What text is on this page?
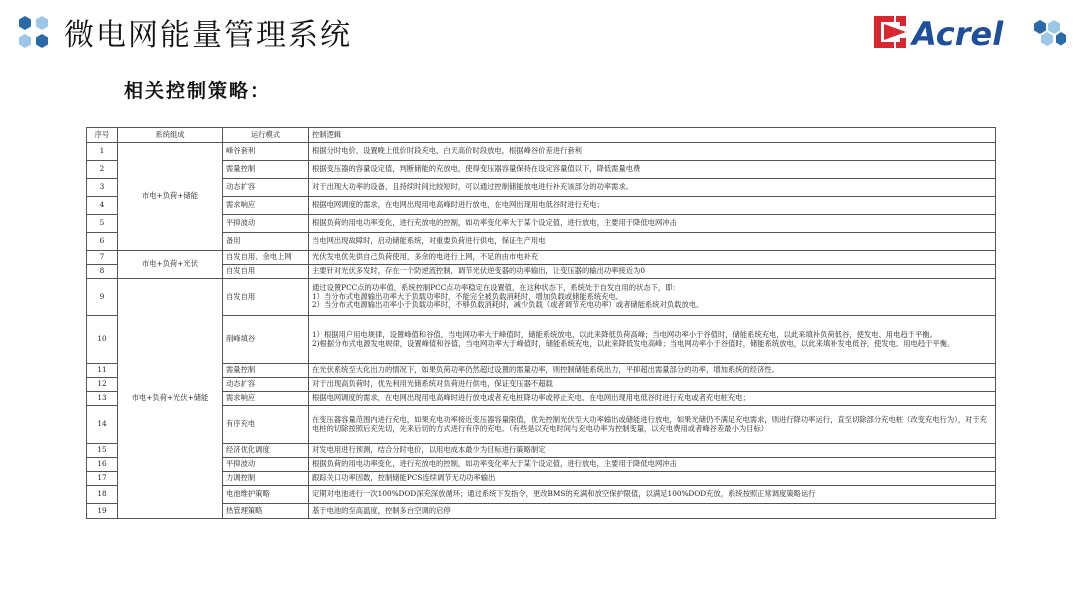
微电网能量管理系统	Acrel
相关控制策略：
序号	系统组成	运行模式	控制逻辑
1	市电+负荷+储能	峰谷套利	根据分时电价，设置晚上低价时段充电、白天高价时段放电，根据峰谷价差进行套利
2		需量控制	根据变压器的容量设定值，判断储能的充放电，使得变压器容量保持在设定容量值以下，降低需量电费
3		动态扩容	对于出现大功率的设备，且持续时间比较短时，可以通过控制储能放电进行补充该部分的功率需求。
4		需求响应	根据电网调度的需求，在电网出现用电高峰时进行放电，在电网出现用电低谷时进行充电；
5		平抑波动	根据负荷的用电功率变化，进行充放电的控制，如功率变化率大于某个设定值，进行放电，主要用于降低电网冲击
6		备用	当电网出现故障时，启动储能系统，对重要负荷进行供电，保证生产用电
7	市电+负荷+光伏	自发自用、余电上网	光伏发电优先供自己负荷使用，多余的电进行上网，不足的由市电补充
8		自发自用	主要针对光伏多发时，存在一个防逆流控制，调节光伏逆变器的功率输出，让变压器的输出功率接近为0
9	市电+负荷+光伏+储能	自发自用	通过设置PCC点的功率值，系统控制PCC点功率稳定在设置值，在这种状态下，系统处于自发自用的状态下，即：
1）当分布式电源输出功率大于负载功率时，不能完全被负载消耗时，增加负载或储能系统充电。
2）当分布式电源输出功率小于负载功率时，不够负载消耗时，减少负载（或者调节充电功率）或者储能系统对负载放电。
10		削峰填谷	1）根据用户用电规律，设置峰值和谷值，当电网功率大于峰值时，储能系统放电，以此来降低负荷高峰；当电网功率小于谷值时，储能系统充电，以此来填补负荷低谷，使发电、用电趋于平衡。
2)根据分布式电源发电规律，设置峰值和谷值，当电网功率大于峰值时，储能系统充电，以此来降低发电高峰；当电网功率小于谷值时，储能系统放电，以此来填补发电低谷，使发电、用电趋于平衡。
11		需量控制	在光伏系统至大化出力的情况下，如果负荷功率仍然超过设置的需量功率，则控制储能系统出力，平抑超出需量部分的功率，增加系统的经济性。
12		动态扩容	对于出现高负荷时，优先利用光储系统对负荷进行供电，保证变压器不超载
13		需求响应	根据电网调度的需求，在电网出现用电高峰时进行放电或者充电桩降功率或停止充电、在电网出现用电低谷时进行充电或者充电桩充电；
14		有序充电	在变压器容量范围内进行充电，如果充电功率接近变压器容量限值，优先控制光伏至大功率输出或储能进行放电，如果光储仍不满足充电需求，则进行降功率运行，直至切除部分充电桩（改变充电行为），对于充电桩的切除按照后充先切，先来后切的方式进行有序的充电。（有些是以充电时间与充电功率为控制变量，以充电费用或者峰谷差最小为目标）
15		经济优化调度	对发电用进行预测，结合分时电价，以用电成本最少为目标进行策略制定
16		平抑波动	根据负荷的用电功率变化，进行充放电的控制，如功率变化率大于某个设定值，进行放电，主要用于降低电网冲击
17		力调控制	跟踪关口功率因数，控制储能PCS连续调节无功功率输出
18		电池维护策略	定期对电池进行一次100%DOD深充深放循环；通过系统下发指令，更改BMS的充满和放空保护限值，以满足100%DOD充放，系统按照正常调度策略运行
19		热管理策略	基于电池的至高温度，控制多台空调的启停
